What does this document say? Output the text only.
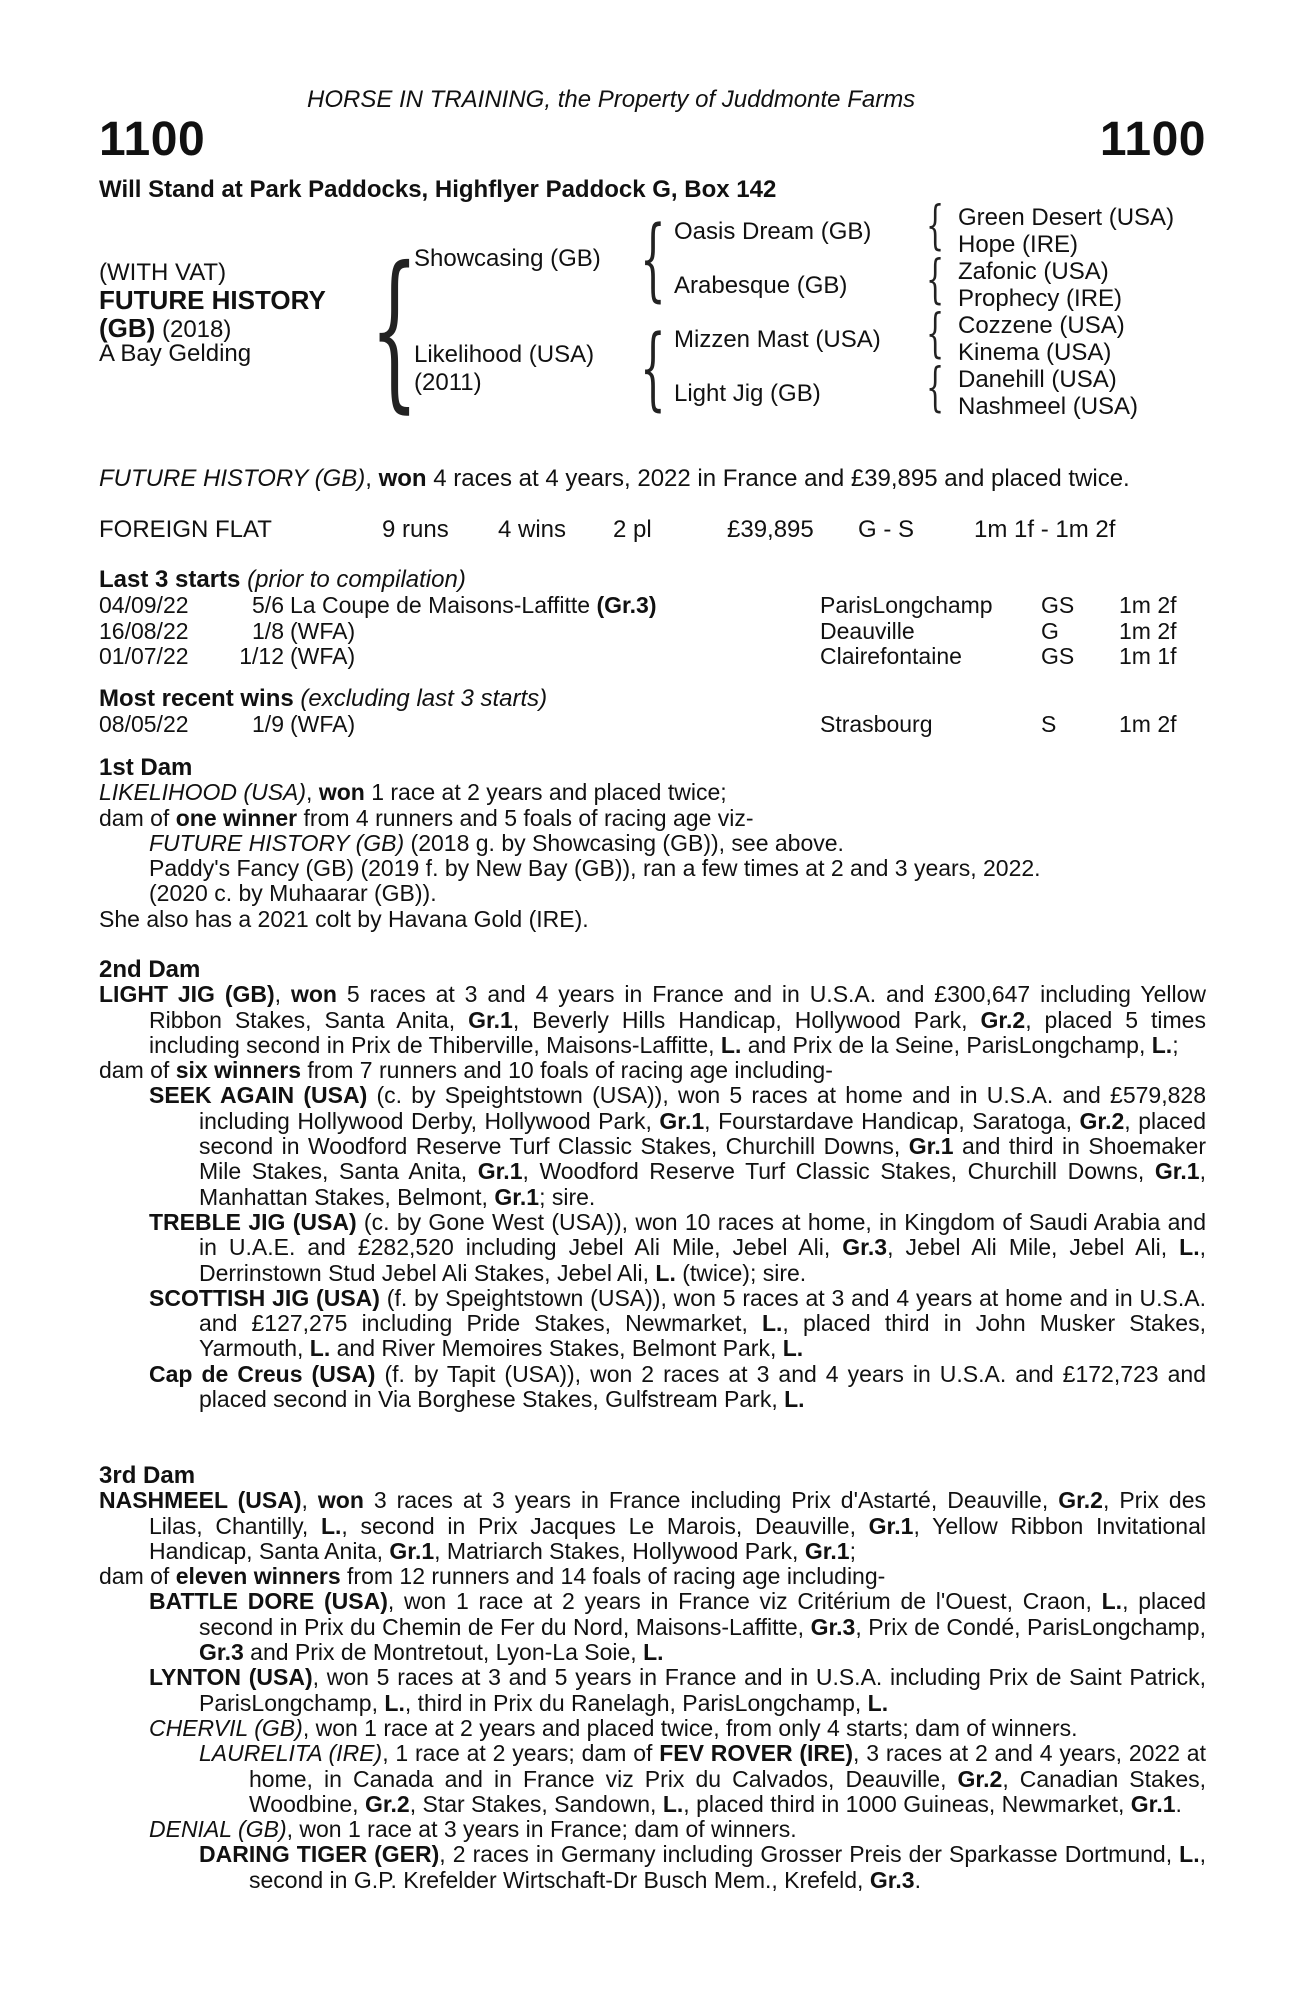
HORSE IN TRAINING, the Property of Juddmonte Farms
1100	1100
Will Stand at Park Paddocks, Highflyer Paddock G, Box 142
(WITH VAT)
FUTURE HISTORY
(GB) (2018)
A Bay Gelding {
Showcasing (GB)
Likelihood (USA)
(2011)
{
{
Oasis Dream (GB)
Arabesque (GB)
Mizzen Mast (USA)
Light Jig (GB)
{
{
{
{
Green Desert (USA)
Hope (IRE)
Zafonic (USA)
Prophecy (IRE)
Cozzene (USA)
Kinema (USA)
Danehill (USA)
Nashmeel (USA)
FUTURE HISTORY (GB), won 4 races at 4 years, 2022 in France and £39,895 and placed twice.
FOREIGN FLAT	9 runs 4 wins 2 pl	£39,895 G - S 1m 1f - 1m 2f
Last 3 starts (prior to compilation)
04/09/22	5/6 La Coupe de Maisons-Laffitte (Gr.3)	ParisLongchamp GS 1m 2f
16/08/22	1/8 (WFA)	Deauville	G	1m 2f
01/07/22 1/12 (WFA)	Clairefontaine	GS 1m 1f
Most recent wins (excluding last 3 starts)
08/05/22	1/9 (WFA)	Strasbourg	S	1m 2f

1st Dam

LIKELIHOOD (USA), won 1 race at 2 years and placed twice;

dam of one winner from 4 runners and 5 foals of racing age viz-

FUTURE HISTORY (GB) (2018 g. by Showcasing (GB)), see above.

Paddy's Fancy (GB) (2019 f. by New Bay (GB)), ran a few times at 2 and 3 years, 2022.

(2020 c. by Muhaarar (GB)).

She also has a 2021 colt by Havana Gold (IRE).

2nd Dam

LIGHT JIG (GB), won 5 races at 3 and 4 years in France and in U.S.A. and £300,647 including Yellow Ribbon Stakes, Santa Anita, Gr.1, Beverly Hills Handicap, Hollywood Park, Gr.2, placed 5 times including second in Prix de Thiberville, Maisons-Laffitte, L. and Prix de la Seine, ParisLongchamp, L.;

dam of six winners from 7 runners and 10 foals of racing age including-

SEEK AGAIN (USA) (c. by Speightstown (USA)), won 5 races at home and in U.S.A. and £579,828 including Hollywood Derby, Hollywood Park, Gr.1, Fourstardave Handicap, Saratoga, Gr.2, placed second in Woodford Reserve Turf Classic Stakes, Churchill Downs, Gr.1 and third in Shoemaker Mile Stakes, Santa Anita, Gr.1, Woodford Reserve Turf Classic Stakes, Churchill Downs, Gr.1, Manhattan Stakes, Belmont, Gr.1; sire.

TREBLE JIG (USA) (c. by Gone West (USA)), won 10 races at home, in Kingdom of Saudi Arabia and in U.A.E. and £282,520 including Jebel Ali Mile, Jebel Ali, Gr.3, Jebel Ali Mile, Jebel Ali, L., Derrinstown Stud Jebel Ali Stakes, Jebel Ali, L. (twice); sire.

SCOTTISH JIG (USA) (f. by Speightstown (USA)), won 5 races at 3 and 4 years at home and in U.S.A. and £127,275 including Pride Stakes, Newmarket, L., placed third in John Musker Stakes, Yarmouth, L. and River Memoires Stakes, Belmont Park, L.

Cap de Creus (USA) (f. by Tapit (USA)), won 2 races at 3 and 4 years in U.S.A. and £172,723 and placed second in Via Borghese Stakes, Gulfstream Park, L.

3rd Dam

NASHMEEL (USA), won 3 races at 3 years in France including Prix d'Astarté, Deauville, Gr.2, Prix des Lilas, Chantilly, L., second in Prix Jacques Le Marois, Deauville, Gr.1, Yellow Ribbon Invitational Handicap, Santa Anita, Gr.1, Matriarch Stakes, Hollywood Park, Gr.1;

dam of eleven winners from 12 runners and 14 foals of racing age including-

BATTLE DORE (USA), won 1 race at 2 years in France viz Critérium de l'Ouest, Craon, L., placed second in Prix du Chemin de Fer du Nord, Maisons-Laffitte, Gr.3, Prix de Condé, ParisLongchamp, Gr.3 and Prix de Montretout, Lyon-La Soie, L.

LYNTON (USA), won 5 races at 3 and 5 years in France and in U.S.A. including Prix de Saint Patrick, ParisLongchamp, L., third in Prix du Ranelagh, ParisLongchamp, L.

CHERVIL (GB), won 1 race at 2 years and placed twice, from only 4 starts; dam of winners.

LAURELITA (IRE), 1 race at 2 years; dam of FEV ROVER (IRE), 3 races at 2 and 4 years, 2022 at home, in Canada and in France viz Prix du Calvados, Deauville, Gr.2, Canadian Stakes, Woodbine, Gr.2, Star Stakes, Sandown, L., placed third in 1000 Guineas, Newmarket, Gr.1.

DENIAL (GB), won 1 race at 3 years in France; dam of winners.

DARING TIGER (GER), 2 races in Germany including Grosser Preis der Sparkasse Dortmund, L., second in G.P. Krefelder Wirtschaft-Dr Busch Mem., Krefeld, Gr.3.
